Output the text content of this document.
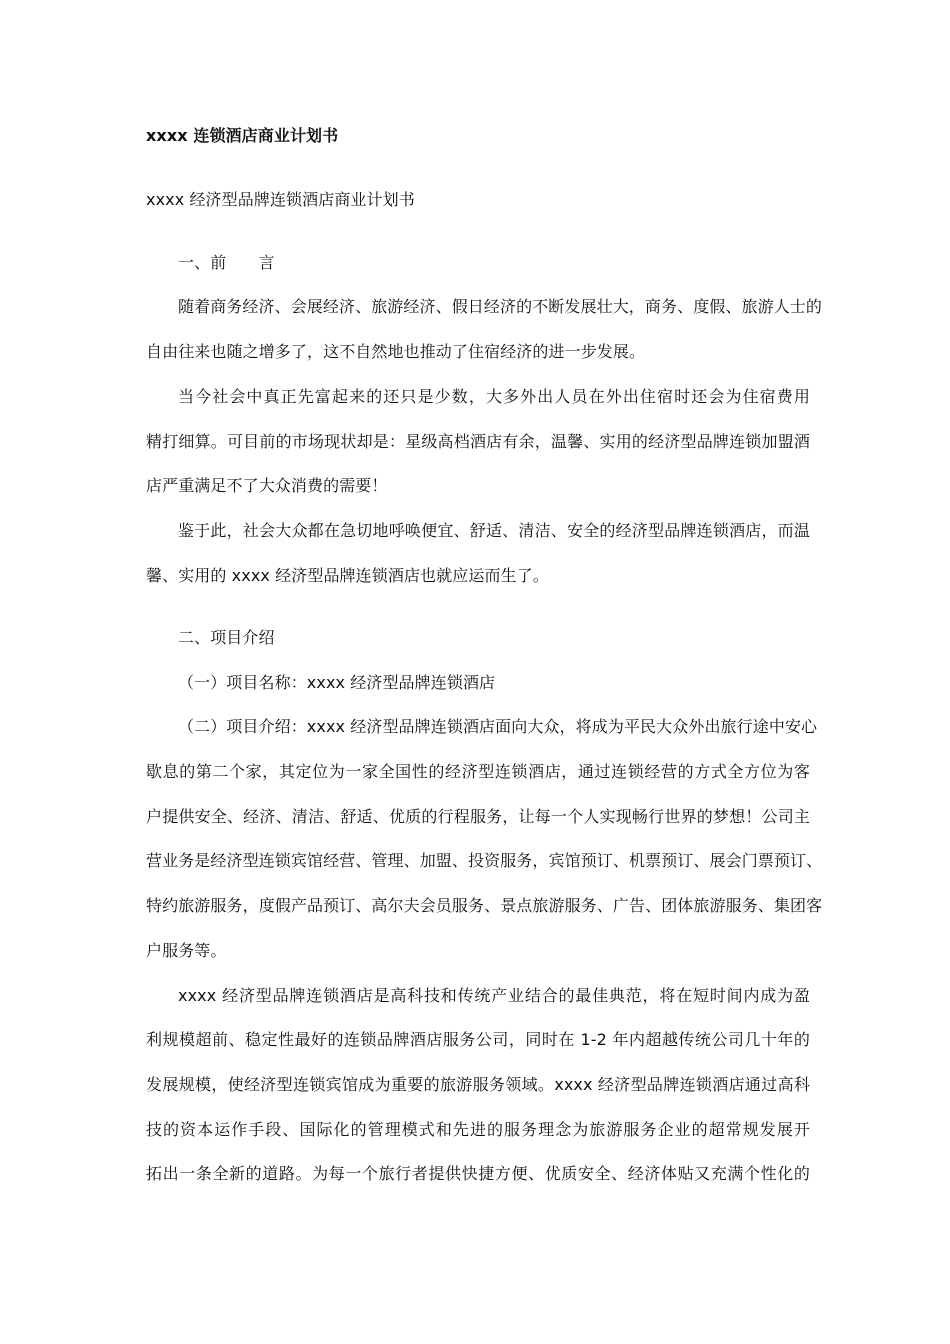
xxxx 连锁酒店商业计划书
xxxx 经济型品牌连锁酒店商业计划书
一、前　　言
随着商务经济、会展经济、旅游经济、假日经济的不断发展壮大，商务、度假、旅游人士的
自由往来也随之增多了，这不自然地也推动了住宿经济的进一步发展。
当今社会中真正先富起来的还只是少数，大多外出人员在外出住宿时还会为住宿费用
精打细算。可目前的市场现状却是：星级高档酒店有余，温馨、实用的经济型品牌连锁加盟酒
店严重满足不了大众消费的需要！
鉴于此，社会大众都在急切地呼唤便宜、舒适、清洁、安全的经济型品牌连锁酒店，而温
馨、实用的 xxxx 经济型品牌连锁酒店也就应运而生了。
二、项目介绍
（一）项目名称：xxxx 经济型品牌连锁酒店
（二）项目介绍：xxxx 经济型品牌连锁酒店面向大众，将成为平民大众外出旅行途中安心
歇息的第二个家，其定位为一家全国性的经济型连锁酒店，通过连锁经营的方式全方位为客
户提供安全、经济、清洁、舒适、优质的行程服务，让每一个人实现畅行世界的梦想！公司主
营业务是经济型连锁宾馆经营、管理、加盟、投资服务，宾馆预订、机票预订、展会门票预订、
特约旅游服务，度假产品预订、高尔夫会员服务、景点旅游服务、广告、团体旅游服务、集团客
户服务等。
xxxx 经济型品牌连锁酒店是高科技和传统产业结合的最佳典范，将在短时间内成为盈
利规模超前、稳定性最好的连锁品牌酒店服务公司，同时在 1-2 年内超越传统公司几十年的
发展规模，使经济型连锁宾馆成为重要的旅游服务领域。xxxx 经济型品牌连锁酒店通过高科
技的资本运作手段、国际化的管理模式和先进的服务理念为旅游服务企业的超常规发展开
拓出一条全新的道路。为每一个旅行者提供快捷方便、优质安全、经济体贴又充满个性化的
